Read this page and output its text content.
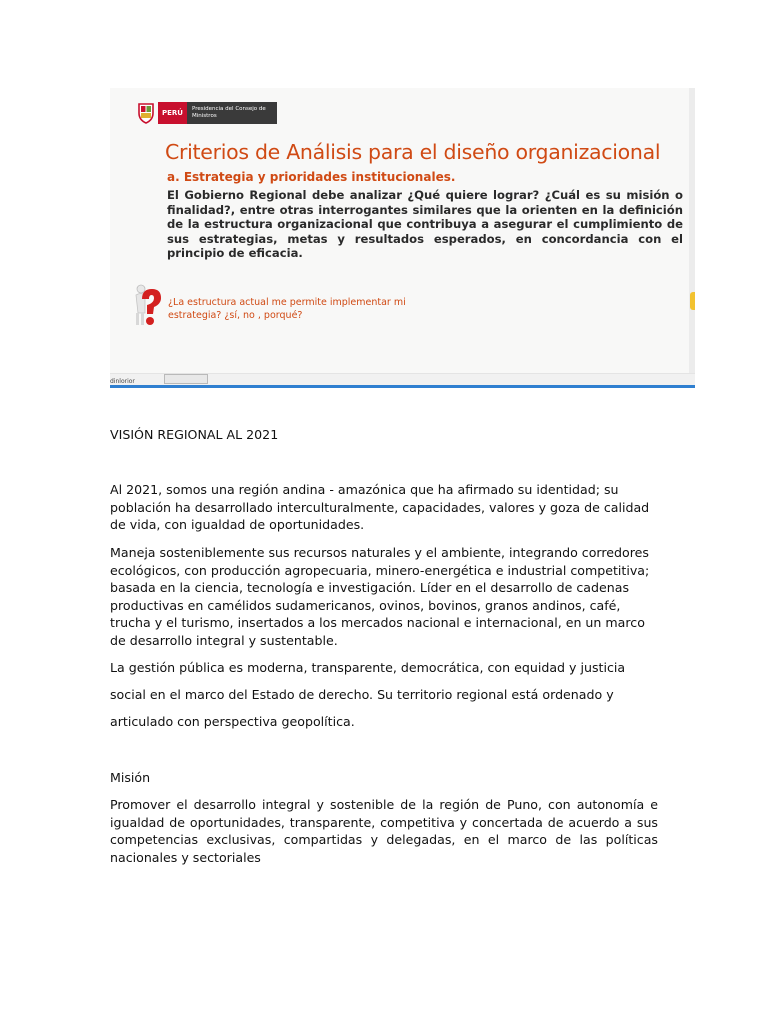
PERÚ	Presidencia del Consejo de Ministros
Criterios de Análisis para el diseño organizacional
a. Estrategia y prioridades institucionales.
El Gobierno Regional debe analizar ¿Qué quiere lograr? ¿Cuál es su misión o finalidad?, entre otras interrogantes similares que la orienten en la definición de la estructura organizacional que contribuya a asegurar el cumplimiento de sus estrategias, metas y resultados esperados, en concordancia con el principio de eficacia.
¿La estructura actual me permite implementar mi estrategia? ¿sí, no , porqué?
dinlorior
VISIÓN REGIONAL AL 2021
Al 2021, somos una región andina - amazónica que ha afirmado su identidad; su población ha desarrollado interculturalmente, capacidades, valores y goza de calidad de vida, con igualdad de oportunidades.
Maneja sosteniblemente sus recursos naturales y el ambiente, integrando corredores ecológicos, con producción agropecuaria, minero-energética e industrial competitiva; basada en la ciencia, tecnología e investigación. Líder en el desarrollo de cadenas productivas en camélidos sudamericanos, ovinos, bovinos, granos andinos, café, trucha y el turismo, insertados a los mercados nacional e internacional, en un marco de desarrollo integral y sustentable.
La gestión pública es moderna, transparente, democrática, con equidad y justicia
social en el marco del Estado de derecho. Su territorio regional está ordenado y
articulado con perspectiva geopolítica.
Misión
Promover el desarrollo integral y sostenible de la región de Puno, con autonomía e igualdad de oportunidades, transparente, competitiva y concertada de acuerdo a sus competencias exclusivas, compartidas y delegadas, en el marco de las políticas nacionales y sectoriales
